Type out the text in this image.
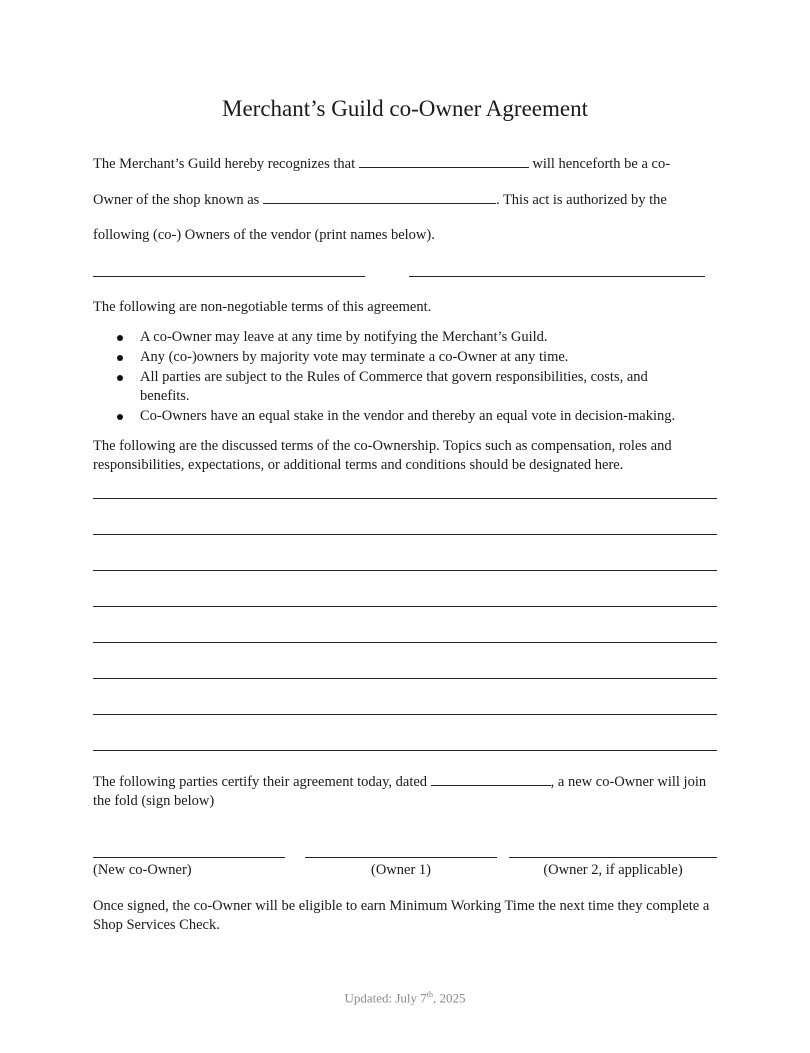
Merchant’s Guild co-Owner Agreement
The Merchant’s Guild hereby recognizes that	will henceforth be a co-
Owner of the shop known as	. This act is authorized by the
following (co-) Owners of the vendor (print names below).
The following are non-negotiable terms of this agreement.
A co-Owner may leave at any time by notifying the Merchant’s Guild.
Any (co-)owners by majority vote may terminate a co-Owner at any time.
All parties are subject to the Rules of Commerce that govern responsibilities, costs, and benefits.
Co-Owners have an equal stake in the vendor and thereby an equal vote in decision-making.
The following are the discussed terms of the co-Ownership. Topics such as compensation, roles and responsibilities, expectations, or additional terms and conditions should be designated here.
The following parties certify their agreement today, dated	, a new co-Owner will join the fold (sign below)
(New co-Owner)	(Owner 1)	(Owner 2, if applicable)
Once signed, the co-Owner will be eligible to earn Minimum Working Time the next time they complete a Shop Services Check.
Updated: July 7th, 2025
